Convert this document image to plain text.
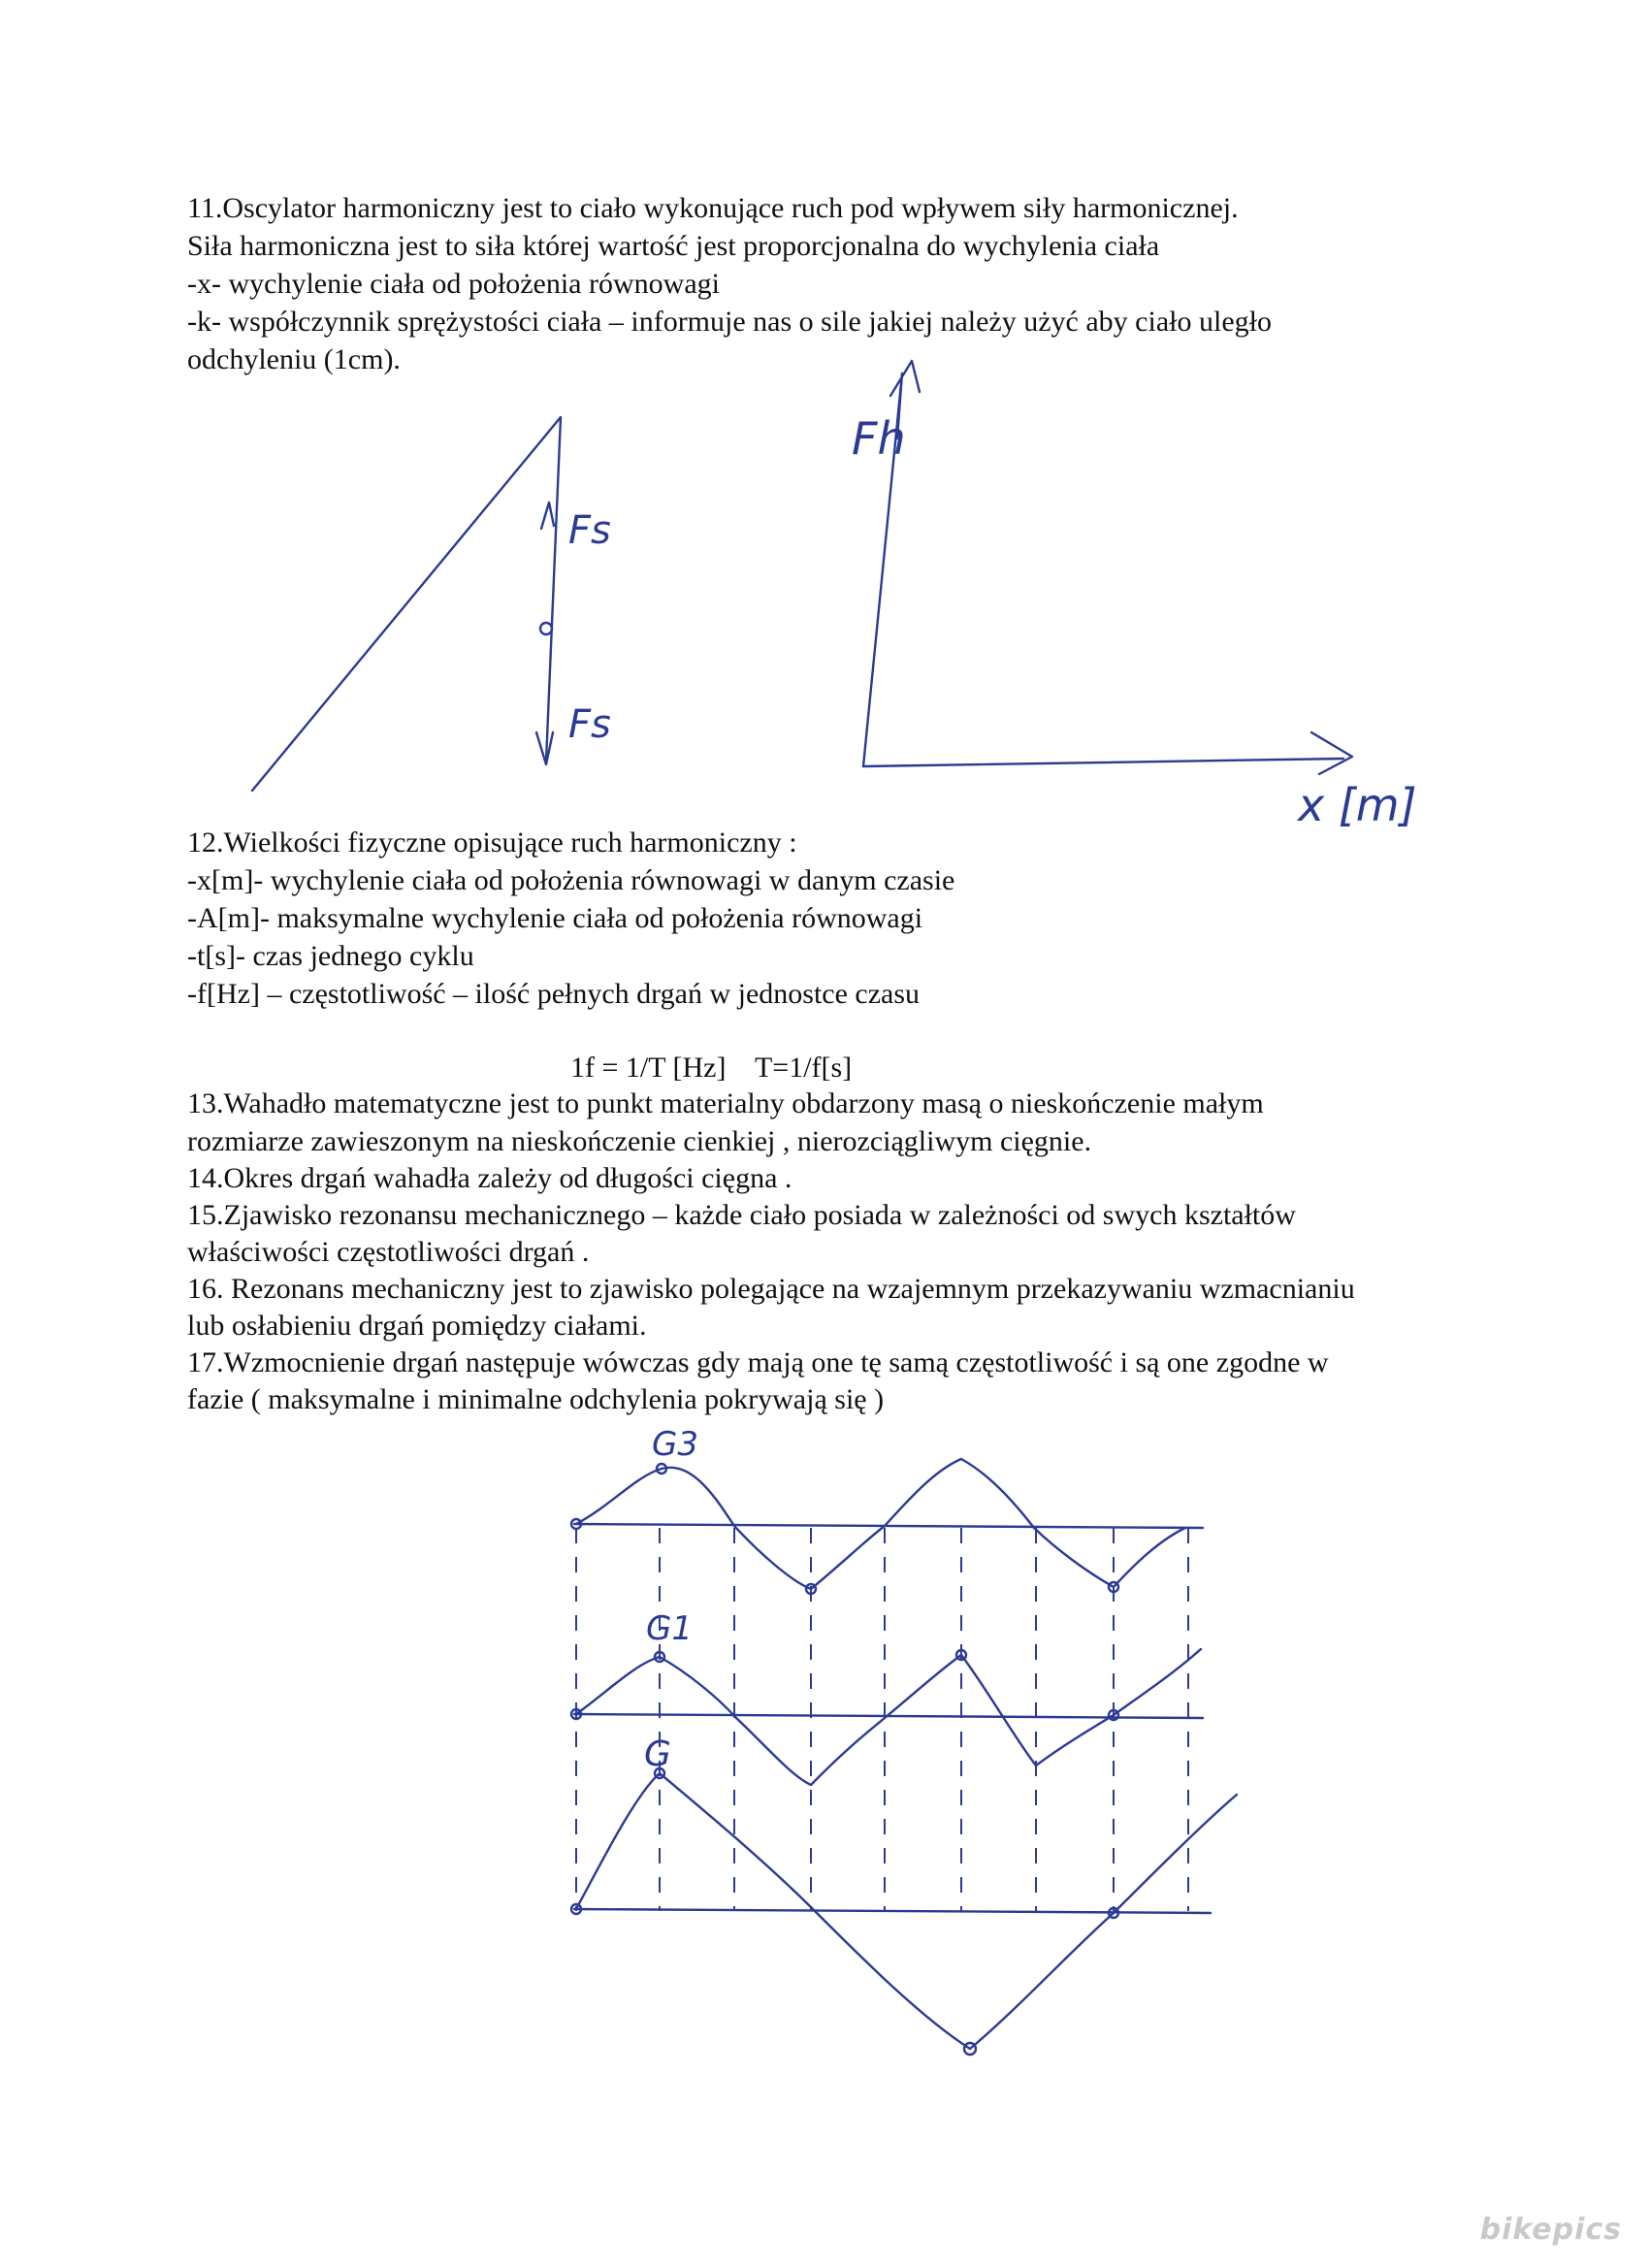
11.Oscylator harmoniczny jest to ciało wykonujące ruch pod wpływem siły harmonicznej.
Siła harmoniczna jest to siła której wartość jest proporcjonalna do wychylenia ciała
-x- wychylenie ciała od położenia równowagi
-k- współczynnik sprężystości ciała – informuje nas o sile jakiej należy użyć aby ciało uległo
odchyleniu (1cm).
Fs
Fs
Fh
x [m]
12.Wielkości fizyczne opisujące ruch harmoniczny :
-x[m]- wychylenie ciała od położenia równowagi w danym czasie
-A[m]- maksymalne wychylenie ciała od położenia równowagi
-t[s]- czas jednego cyklu
-f[Hz] – częstotliwość – ilość pełnych drgań w jednostce czasu
1f = 1/T [Hz]    T=1/f[s]
13.Wahadło matematyczne jest to punkt materialny obdarzony masą o nieskończenie małym
rozmiarze zawieszonym na nieskończenie cienkiej , nierozciągliwym cięgnie.
14.Okres drgań wahadła zależy od długości cięgna .
15.Zjawisko rezonansu mechanicznego – każde ciało posiada w zależności od swych kształtów
właściwości częstotliwości drgań .
16. Rezonans mechaniczny jest to zjawisko polegające na wzajemnym przekazywaniu wzmacnianiu
lub osłabieniu drgań pomiędzy ciałami.
17.Wzmocnienie drgań następuje wówczas gdy mają one tę samą częstotliwość i są one zgodne w
fazie ( maksymalne i minimalne odchylenia pokrywają się )
G3
G1
G
bikepics
